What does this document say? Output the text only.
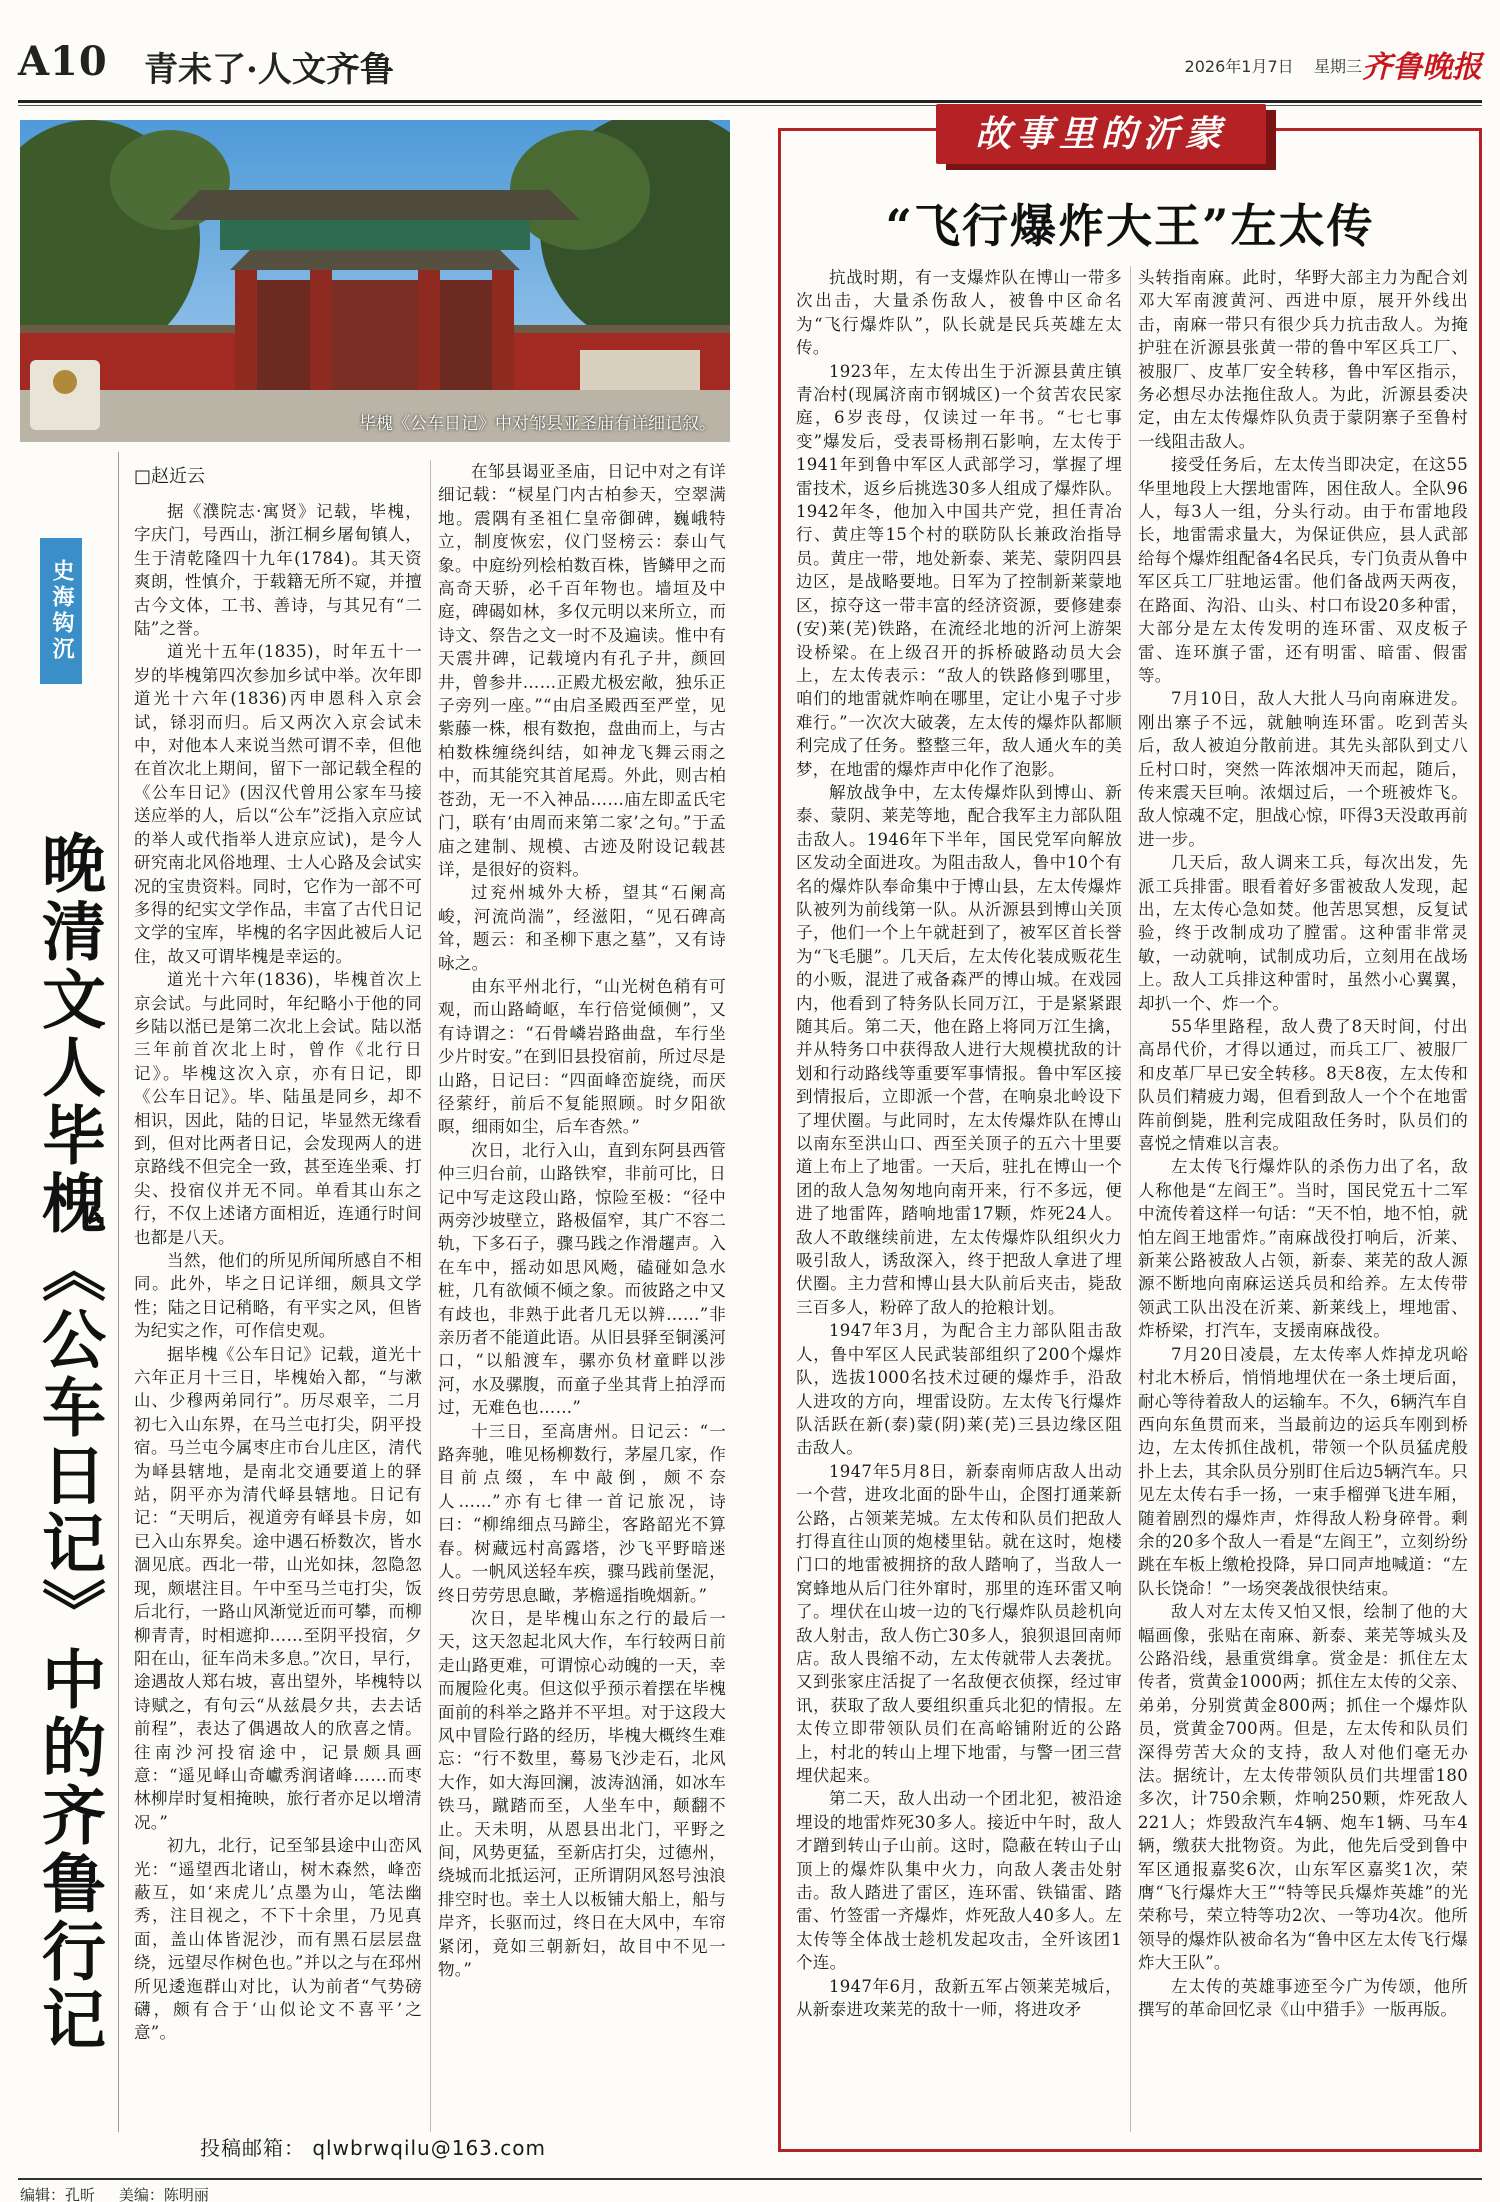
A10 青未了·人文齐鲁	2026年1月7日 星期三 齐鲁晚报
毕槐《公车日记》中对邹县亚圣庙有详细记叙。
史海钩沉
晚清文人毕槐《公车日记》中的齐鲁行记
□赵近云

据《濮院志·寓贤》记载，毕槐，字庆门，号西山，浙江桐乡屠甸镇人，生于清乾隆四十九年(1784)。其天资爽朗，性慎介，于载籍无所不窥，并擅古今文体，工书、善诗，与其兄有“二陆”之誉。

道光十五年(1835)，时年五十一岁的毕槐第四次参加乡试中举。次年即道光十六年(1836)丙申恩科入京会试，铩羽而归。后又两次入京会试未中，对他本人来说当然可谓不幸，但他在首次北上期间，留下一部记载全程的《公车日记》(因汉代曾用公家车马接送应举的人，后以“公车”泛指入京应试的举人或代指举人进京应试)，是今人研究南北风俗地理、士人心路及会试实况的宝贵资料。同时，它作为一部不可多得的纪实文学作品，丰富了古代日记文学的宝库，毕槐的名字因此被后人记住，故又可谓毕槐是幸运的。

道光十六年(1836)，毕槐首次上京会试。与此同时，年纪略小于他的同乡陆以湉已是第二次北上会试。陆以湉三年前首次北上时，曾作《北行日记》。毕槐这次入京，亦有日记，即《公车日记》。毕、陆虽是同乡，却不相识，因此，陆的日记，毕显然无缘看到，但对比两者日记，会发现两人的进京路线不但完全一致，甚至连坐乘、打尖、投宿仪并无不同。单看其山东之行，不仅上述诸方面相近，连通行时间也都是八天。

当然，他们的所见所闻所感自不相同。此外，毕之日记详细，颇具文学性；陆之日记稍略，有平实之风，但皆为纪实之作，可作信史观。

据毕槐《公车日记》记载，道光十六年正月十三日，毕槐始入都，“与漱山、少穆两弟同行”。历尽艰辛，二月初七入山东界，在马兰屯打尖，阴平投宿。马兰屯今属枣庄市台儿庄区，清代为峄县辖地，是南北交通要道上的驿站，阴平亦为清代峄县辖地。日记有记：“天明后，视道旁有峄县卡房，如已入山东界矣。途中遇石桥数次，皆水涸见底。西北一带，山光如抹，忽隐忽现，颇堪注目。午中至马兰屯打尖，饭后北行，一路山风渐觉近而可攀，而柳柳青青，时相遮抑……至阴平投宿，夕阳在山，征车尚未多息。”次日，早行，途遇故人郑右坡，喜出望外，毕槐特以诗赋之，有句云“从兹晨夕共，去去话前程”，表达了偶遇故人的欣喜之情。往南沙河投宿途中，记景颇具画意：“遥见峄山奇巘秀润诸峰……而枣林柳岸时复相掩映，旅行者亦足以增清况。”

初九，北行，记至邹县途中山峦风光：“遥望西北诸山，树木森然，峰峦蔽互，如‘来虎儿’点墨为山，笔法幽秀，注目视之，不下十余里，乃见真面，盖山体皆泥沙，而有黑石层层盘绕，远望尽作树色也。”并以之与在邳州所见逶迤群山对比，认为前者“气势磅礴，颇有合于‘山似论文不喜平’之意”。

在邹县谒亚圣庙，日记中对之有详细记载：“棂星门内古柏参天，空翠满地。震隅有圣祖仁皇帝御碑，巍峨特立，制度恢宏，仪门竖榜云：泰山气象。中庭纷列桧柏数百株，皆鳞甲之而高奇天骄，必千百年物也。墙垣及中庭，碑碣如林，多仅元明以来所立，而诗文、祭告之文一时不及遍读。惟中有天震井碑，记载境内有孔子井，颜回井，曾参井……正殿尤极宏敞，独乐正子旁列一座。”“由启圣殿西至严堂，见紫藤一株，根有数抱，盘曲而上，与古柏数株缠绕纠结，如神龙飞舞云雨之中，而其能究其首尾焉。外此，则古柏苍劲，无一不入神品……庙左即孟氏宅门，联有‘由周而来第二家’之句。”于孟庙之建制、规模、古迹及附设记载甚详，是很好的资料。

过兖州城外大桥，望其“石阑高峻，河流尚湍”，经滋阳，“见石碑高耸，题云：和圣柳下惠之墓”，又有诗咏之。

由东平州北行，“山光树色稍有可观，而山路崎岖，车行倍觉倾侧”，又有诗谓之：“石骨嶙岩路曲盘，车行坐少片时安。”在到旧县投宿前，所过尽是山路，日记曰：“四面峰峦旋绕，而厌径萦纡，前后不复能照顾。时夕阳欲暝，细雨如尘，后车杳然。”

次日，北行入山，直到东阿县西管仲三归台前，山路铁窄，非前可比，日记中写走这段山路，惊险至极：“径中两旁沙坡壁立，路极偪窄，其广不容二轨，下多石子，骤马践之作滑趯声。入在车中，摇动如思风飏，磕碰如急水桩，几有欲倾不倾之象。而彼路之中又有歧也，非熟于此者几无以辨……”非亲历者不能道此语。从旧县驿至铜溪河口，“以船渡车，骡亦负材童畔以涉河，水及骡腹，而童子坐其背上拍浮而过，无难色也……”

十三日，至高唐州。日记云：“一路奔驰，唯见杨柳数行，茅屋几家，作目前点缀，车中敲倒，颇不奈人……”亦有七律一首记旅况，诗曰：“柳绵细点马蹄尘，客路韶光不算春。树藏远村高露塔，沙飞平野暗迷人。一帆风送轻车疾，骤马践前堡泥，终日劳劳思息瞰，茅檐遥指晚烟新。”

次日，是毕槐山东之行的最后一天，这天忽起北风大作，车行较两日前走山路更难，可谓惊心动魄的一天，幸而履险化夷。但这似乎预示着摆在毕槐面前的科举之路并不平坦。对于这段大风中冒险行路的经历，毕槐大概终生难忘：“行不数里，蓦易飞沙走石，北风大作，如大海回澜，波涛汹涌，如冰车铁马，蹴踏而至，人坐车中，颠翻不止。天未明，从恩县出北门，平野之间，风势更猛，至新店打尖，过德州，绕城而北抵运河，正所谓阴风怒号浊浪排空时也。幸土人以板铺大船上，船与岸齐，长驱而过，终日在大风中，车帘紧闭，竟如三朝新妇，故目中不见一物。”

投稿邮箱： qlwbrwqilu@163.com
故事里的沂蒙
“飞行爆炸大王”左太传

抗战时期，有一支爆炸队在博山一带多次出击，大量杀伤敌人，被鲁中区命名为“飞行爆炸队”，队长就是民兵英雄左太传。

1923年，左太传出生于沂源县黄庄镇青冶村(现属济南市钢城区)一个贫苦农民家庭，6岁丧母，仅读过一年书。“七七事变”爆发后，受表哥杨荆石影响，左太传于1941年到鲁中军区人武部学习，掌握了埋雷技术，返乡后挑选30多人组成了爆炸队。1942年冬，他加入中国共产党，担任青冶行、黄庄等15个村的联防队长兼政治指导员。黄庄一带，地处新泰、莱芜、蒙阴四县边区，是战略要地。日军为了控制新莱蒙地区，掠夺这一带丰富的经济资源，要修建泰(安)莱(芜)铁路，在流经北地的沂河上游架设桥梁。在上级召开的拆桥破路动员大会上，左太传表示：“敌人的铁路修到哪里，咱们的地雷就炸响在哪里，定让小鬼子寸步难行。”一次次大破袭，左太传的爆炸队都顺利完成了任务。整整三年，敌人通火车的美梦，在地雷的爆炸声中化作了泡影。

解放战争中，左太传爆炸队到博山、新泰、蒙阴、莱芜等地，配合我军主力部队阻击敌人。1946年下半年，国民党军向解放区发动全面进攻。为阻击敌人，鲁中10个有名的爆炸队奉命集中于博山县，左太传爆炸队被列为前线第一队。从沂源县到博山关顶子，他们一个上午就赶到了，被军区首长誉为“飞毛腿”。几天后，左太传化装成贩花生的小贩，混进了戒备森严的博山城。在戏园内，他看到了特务队长同万江，于是紧紧跟随其后。第二天，他在路上将同万江生擒，并从特务口中获得敌人进行大规模扰敌的计划和行动路线等重要军事情报。鲁中军区接到情报后，立即派一个营，在响泉北岭设下了埋伏圈。与此同时，左太传爆炸队在博山以南东至洪山口、西至关顶子的五六十里要道上布上了地雷。一天后，驻扎在博山一个团的敌人急匆匆地向南开来，行不多远，便进了地雷阵，踏响地雷17颗，炸死24人。敌人不敢继续前进，左太传爆炸队组织火力吸引敌人，诱敌深入，终于把敌人拿进了埋伏圈。主力营和博山县大队前后夹击，毙敌三百多人，粉碎了敌人的抢粮计划。

1947年3月，为配合主力部队阻击敌人，鲁中军区人民武装部组织了200个爆炸队，选拔1000名技术过硬的爆炸手，沿敌人进攻的方向，埋雷设防。左太传飞行爆炸队活跃在新(泰)蒙(阴)莱(芜)三县边缘区阻击敌人。

1947年5月8日，新泰南师店敌人出动一个营，进攻北面的卧牛山，企图打通莱新公路，占领莱芜城。左太传和队员们把敌人打得直往山顶的炮楼里钻。就在这时，炮楼门口的地雷被拥挤的敌人踏响了，当敌人一窝蜂地从后门往外窜时，那里的连环雷又响了。埋伏在山坡一边的飞行爆炸队员趁机向敌人射击，敌人伤亡30多人，狼狈退回南师店。敌人畏缩不动，左太传就带人去袭扰。又到张家庄活捉了一名敌便衣侦探，经过审讯，获取了敌人要组织重兵北犯的情报。左太传立即带领队员们在高峪铺附近的公路上，村北的转山上埋下地雷，与警一团三营埋伏起来。

第二天，敌人出动一个团北犯，被沿途埋设的地雷炸死30多人。接近中午时，敌人才蹭到转山子山前。这时，隐蔽在转山子山顶上的爆炸队集中火力，向敌人袭击处射击。敌人踏进了雷区，连环雷、铁锚雷、踏雷、竹签雷一齐爆炸，炸死敌人40多人。左太传等全体战士趁机发起攻击，全歼该团1个连。

1947年6月，敌新五军占领莱芜城后，从新泰进攻莱芜的敌十一师，将进攻矛

头转指南麻。此时，华野大部主力为配合刘邓大军南渡黄河、西进中原，展开外线出击，南麻一带只有很少兵力抗击敌人。为掩护驻在沂源县张黄一带的鲁中军区兵工厂、被服厂、皮革厂安全转移，鲁中军区指示，务必想尽办法拖住敌人。为此，沂源县委决定，由左太传爆炸队负责于蒙阴寨子至鲁村一线阻击敌人。

接受任务后，左太传当即决定，在这55华里地段上大摆地雷阵，困住敌人。全队96人，每3人一组，分头行动。由于布雷地段长，地雷需求量大，为保证供应，县人武部给每个爆炸组配备4名民兵，专门负责从鲁中军区兵工厂驻地运雷。他们备战两天两夜，在路面、沟沿、山头、村口布设20多种雷，大部分是左太传发明的连环雷、双皮板子雷、连环旗子雷，还有明雷、暗雷、假雷等。

7月10日，敌人大批人马向南麻进发。刚出寨子不远，就触响连环雷。吃到苦头后，敌人被迫分散前进。其先头部队到丈八丘村口时，突然一阵浓烟冲天而起，随后，传来震天巨响。浓烟过后，一个班被炸飞。敌人惊魂不定，胆战心惊，吓得3天没敢再前进一步。

几天后，敌人调来工兵，每次出发，先派工兵排雷。眼看着好多雷被敌人发现，起出，左太传心急如焚。他苦思冥想，反复试验，终于改制成功了膛雷。这种雷非常灵敏，一动就响，试制成功后，立刻用在战场上。敌人工兵排这种雷时，虽然小心翼翼，却扒一个、炸一个。

55华里路程，敌人费了8天时间，付出高昂代价，才得以通过，而兵工厂、被服厂和皮革厂早已安全转移。8天8夜，左太传和队员们精疲力竭，但看到敌人一个个在地雷阵前倒毙，胜利完成阻敌任务时，队员们的喜悦之情难以言表。

左太传飞行爆炸队的杀伤力出了名，敌人称他是“左阎王”。当时，国民党五十二军中流传着这样一句话：“天不怕，地不怕，就怕左阎王地雷炸。”南麻战役打响后，沂莱、新莱公路被敌人占领，新泰、莱芜的敌人源源不断地向南麻运送兵员和给养。左太传带领武工队出没在沂莱、新莱线上，埋地雷、炸桥梁，打汽车，支援南麻战役。

7月20日凌晨，左太传率人炸掉龙巩峪村北木桥后，悄悄地埋伏在一条土埂后面，耐心等待着敌人的运输车。不久，6辆汽车自西向东鱼贯而来，当最前边的运兵车刚到桥边，左太传抓住战机，带领一个队员猛虎般扑上去，其余队员分别盯住后边5辆汽车。只见左太传右手一扬，一束手榴弹飞进车厢，随着剧烈的爆炸声，炸得敌人粉身碎骨。剩余的20多个敌人一看是“左阎王”，立刻纷纷跳在车板上缴枪投降，异口同声地喊道：“左队长饶命！”一场突袭战很快结束。

敌人对左太传又怕又恨，绘制了他的大幅画像，张贴在南麻、新泰、莱芜等城头及公路沿线，悬重赏缉拿。赏金是：抓住左太传者，赏黄金1000两；抓住左太传的父亲、弟弟，分别赏黄金800两；抓住一个爆炸队员，赏黄金700两。但是，左太传和队员们深得劳苦大众的支持，敌人对他们毫无办法。据统计，左太传带领队员们共埋雷180多次，计750余颗，炸响250颗，炸死敌人221人；炸毁敌汽车4辆、炮车1辆、马车4辆，缴获大批物资。为此，他先后受到鲁中军区通报嘉奖6次，山东军区嘉奖1次，荣膺“飞行爆炸大王”“特等民兵爆炸英雄”的光荣称号，荣立特等功2次、一等功4次。他所领导的爆炸队被命名为“鲁中区左太传飞行爆炸大王队”。

左太传的英雄事迹至今广为传颂，他所撰写的革命回忆录《山中猎手》一版再版。

编辑：孔昕 美编：陈明丽
